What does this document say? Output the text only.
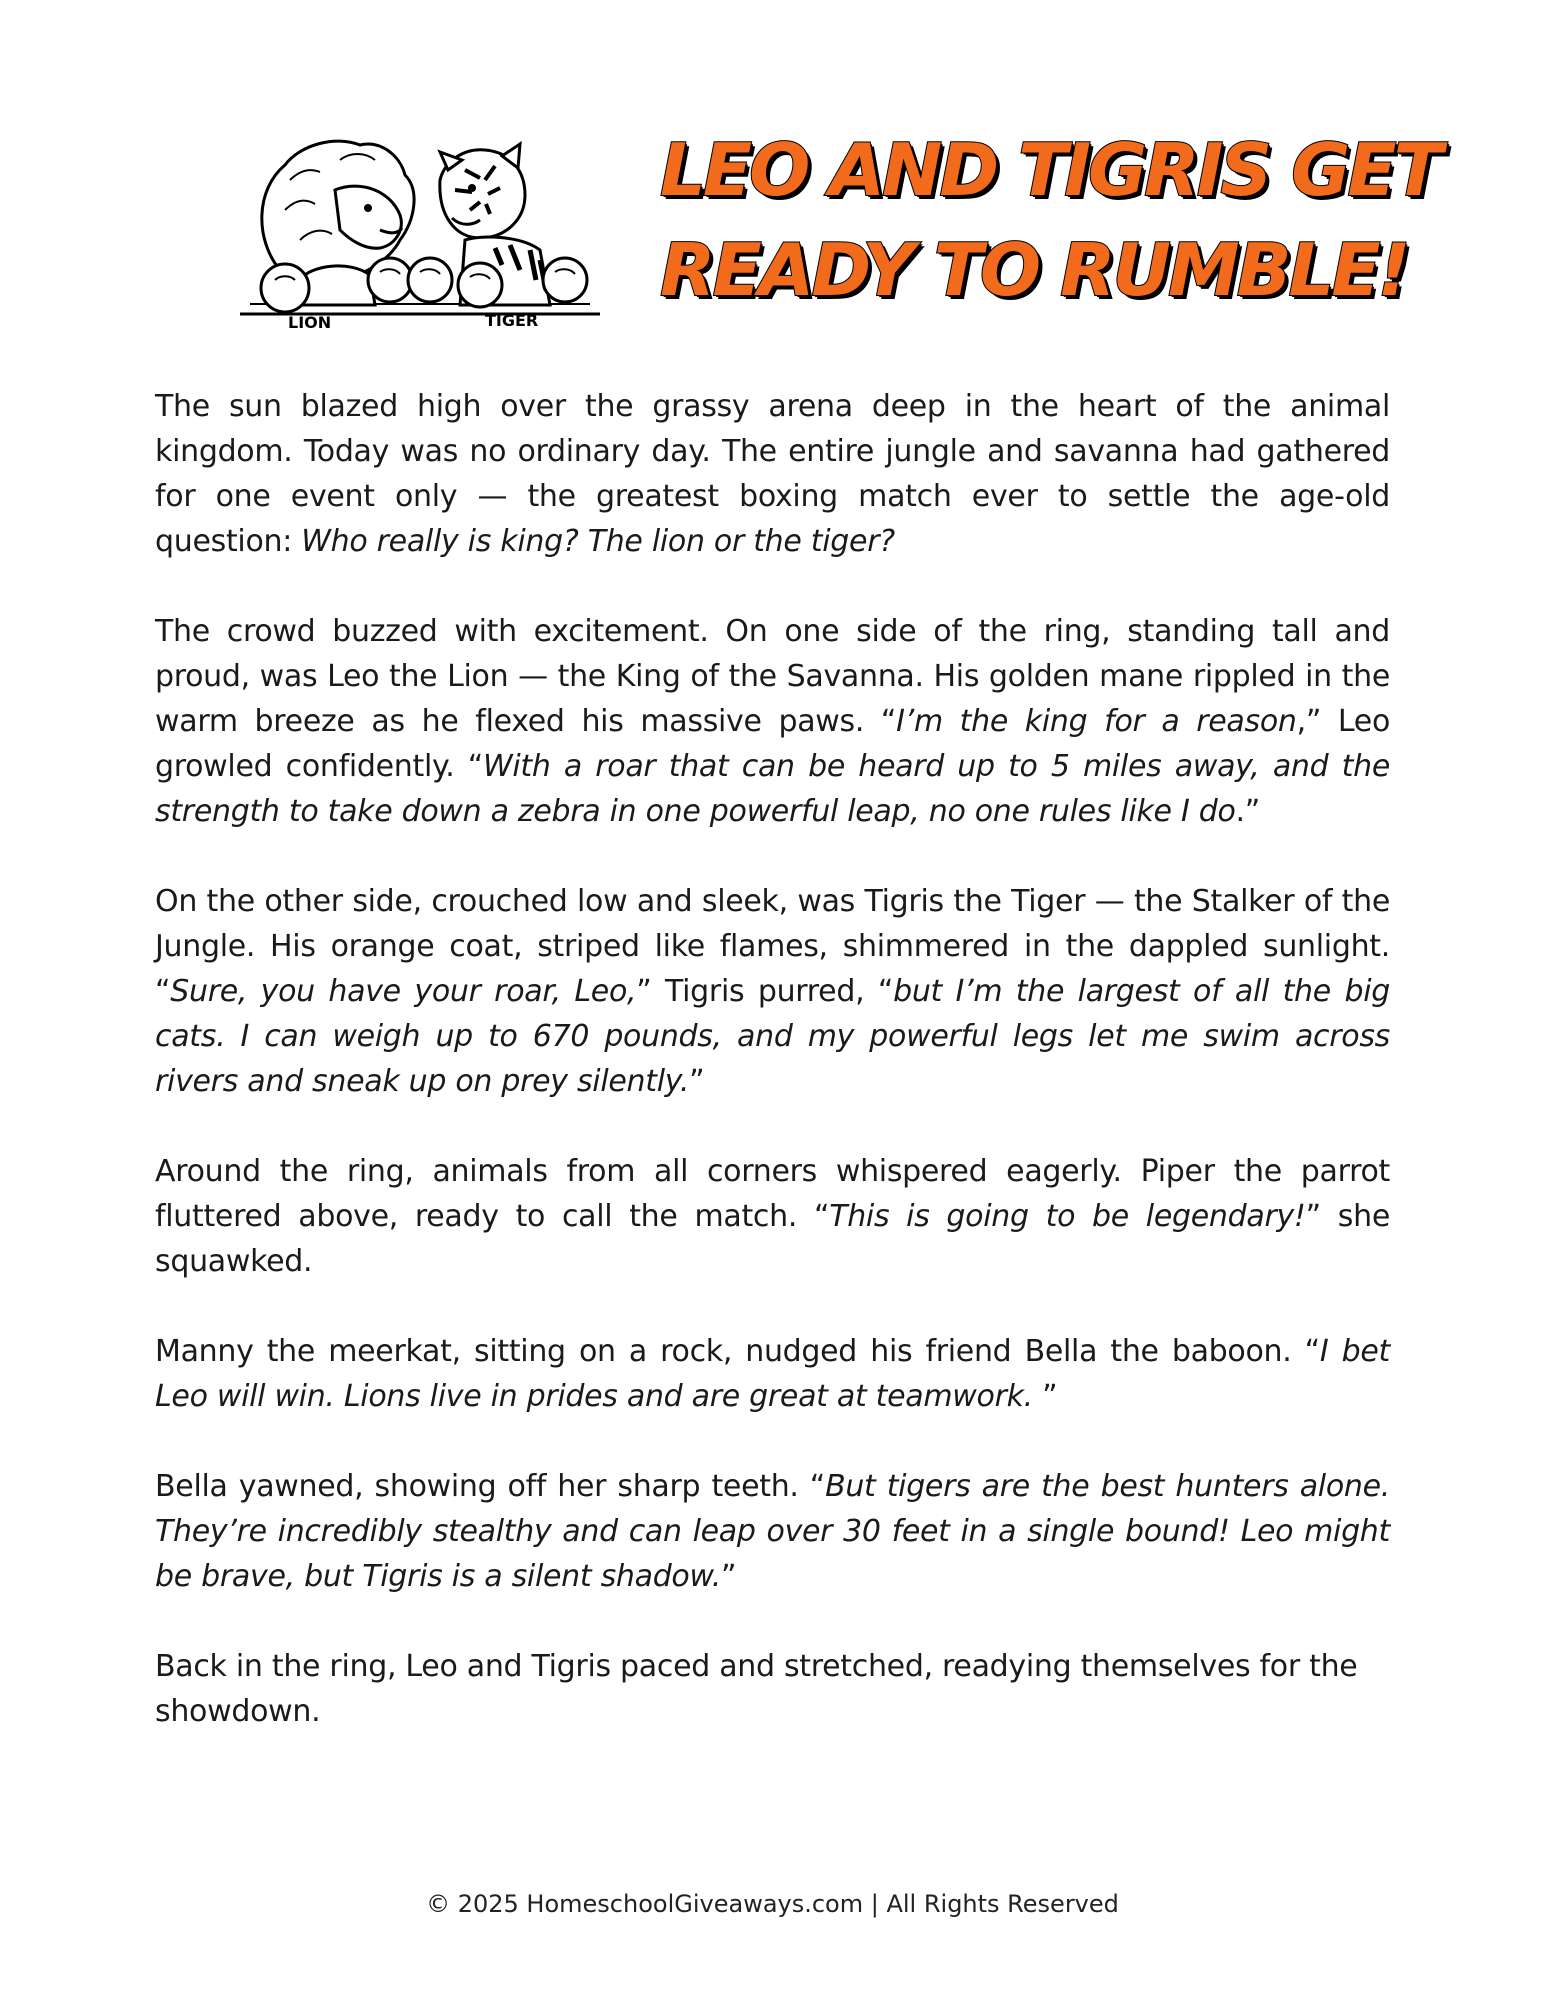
LION	TIGER
LEO AND TIGRIS GET
READY TO RUMBLE!

The sun blazed high over the grassy arena deep in the heart of the animal kingdom. Today was no ordinary day. The entire jungle and savanna had gathered for one event only — the greatest boxing match ever to settle the age-old question: Who really is king? The lion or the tiger?

The crowd buzzed with excitement. On one side of the ring, standing tall and proud, was Leo the Lion — the King of the Savanna. His golden mane rippled in the warm breeze as he flexed his massive paws. “I’m the king for a reason,” Leo growled confidently. “With a roar that can be heard up to 5 miles away, and the strength to take down a zebra in one powerful leap, no one rules like I do.”

On the other side, crouched low and sleek, was Tigris the Tiger — the Stalker of the Jungle. His orange coat, striped like flames, shimmered in the dappled sunlight. “Sure, you have your roar, Leo,” Tigris purred, “but I’m the largest of all the big cats. I can weigh up to 670 pounds, and my powerful legs let me swim across rivers and sneak up on prey silently.”

Around the ring, animals from all corners whispered eagerly. Piper the parrot fluttered above, ready to call the match. “This is going to be legendary!” she squawked.

Manny the meerkat, sitting on a rock, nudged his friend Bella the baboon. “I bet Leo will win. Lions live in prides and are great at teamwork. ”

Bella yawned, showing off her sharp teeth. “But tigers are the best hunters alone. They’re incredibly stealthy and can leap over 30 feet in a single bound! Leo might be brave, but Tigris is a silent shadow.”

Back in the ring, Leo and Tigris paced and stretched, readying themselves for the showdown.

© 2025 HomeschoolGiveaways.com | All Rights Reserved
